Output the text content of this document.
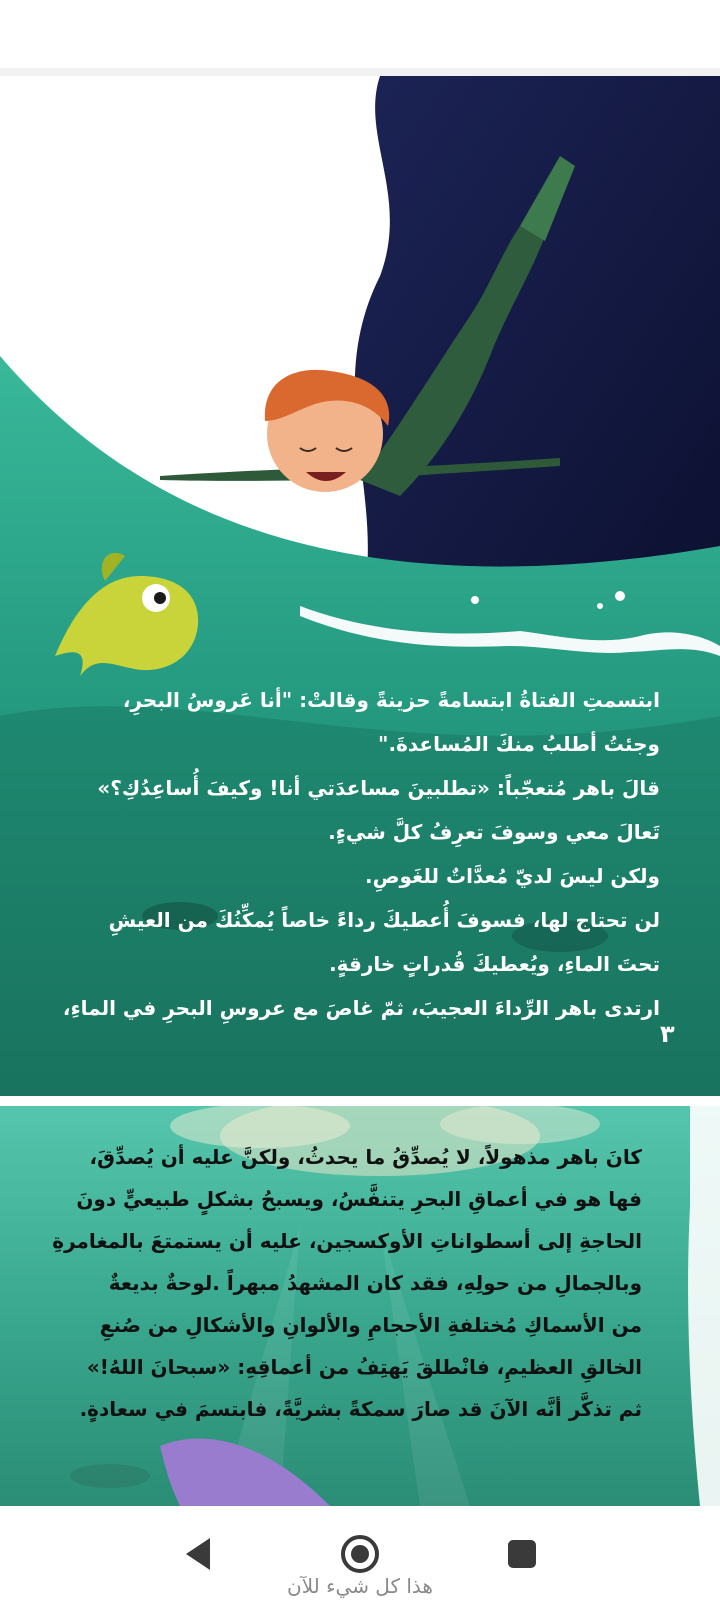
ابتسمتِ الفتاةُ ابتسامةً حزينةً وقالتْ: "أنا عَروسُ البحرِ،
وجئتُ أطلبُ منكَ المُساعدةَ."
قالَ باهر مُتعجّباً: «تطلبينَ مساعدَتي أنا! وكيفَ أُساعِدُكِ؟»
تَعالَ معي وسوفَ تعرِفُ كلَّ شيءٍ.
ولكن ليسَ لديّ مُعدَّاتٌ للغَوصِ.
لن تحتاج لها، فسوفَ أُعطيكَ رداءً خاصاً يُمكِّنُكَ من العيشِ
تحتَ الماءِ، ويُعطيكَ قُدراتٍ خارقةٍ.
ارتدى باهر الرِّداءَ العجيبَ، ثمّ غاصَ مع عروسِ البحرِ في الماءِ،
٣
كانَ باهر مذهولاً، لا يُصدِّقُ ما يحدثُ، ولكنَّ عليه أن يُصدِّقَ،
فها هو في أعماقِ البحرِ يتنفَّسُ، ويسبحُ بشكلٍ طبيعيٍّ دونَ
الحاجةِ إلى أسطواناتِ الأوكسجين، عليه أن يستمتعَ بالمغامرةِ
وبالجمالِ من حولِهِ، فقد كان المشهدُ مبهراً .لوحةٌ بديعةٌ
من الأسماكِ مُختلفةِ الأحجامِ والألوانِ والأشكالِ من صُنعِ
الخالقِ العظيمِ، فانْطلقَ يَهتِفُ من أعماقِهِ: «سبحانَ اللهُ!»
ثم تذكَّر أنَّه الآنَ قد صارَ سمكةً بشريَّةً، فابتسمَ في سعادةٍ.
هذا كل شيء للآن
